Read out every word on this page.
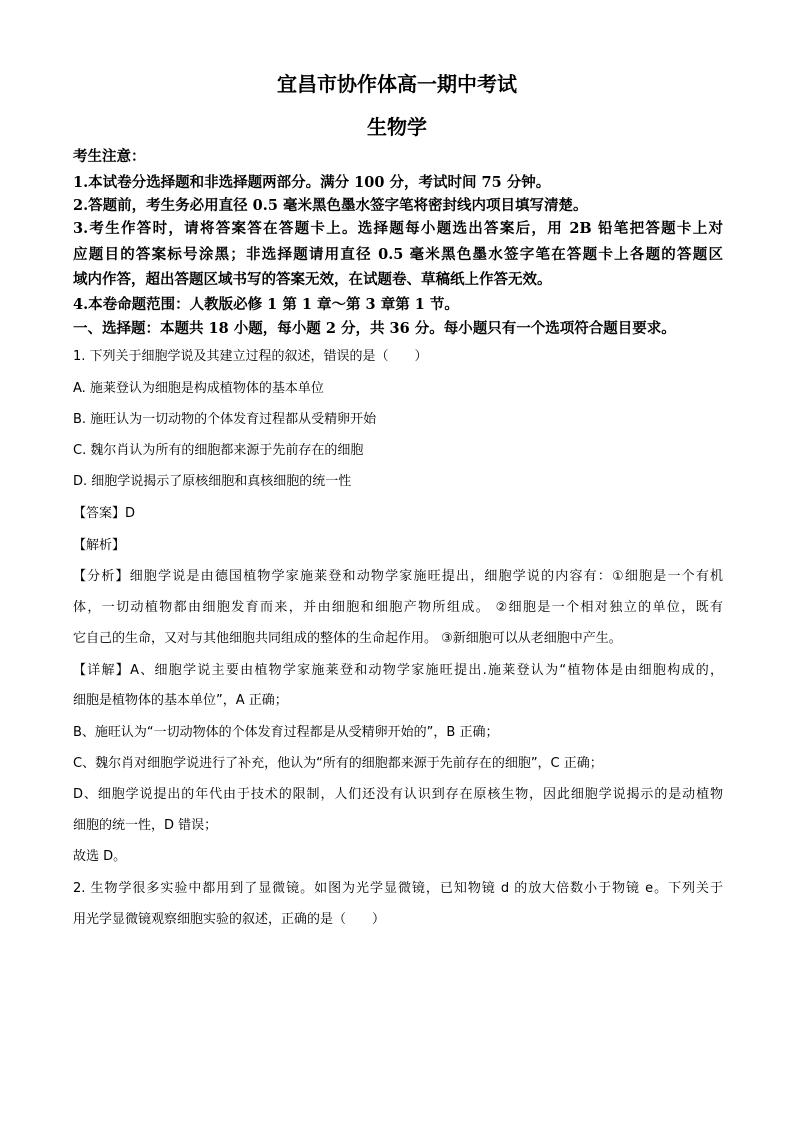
宜昌市协作体高一期中考试
生物学
考生注意：
1.本试卷分选择题和非选择题两部分。满分 100 分，考试时间 75 分钟。
2.答题前，考生务必用直径 0.5 毫米黑色墨水签字笔将密封线内项目填写清楚。
3.考生作答时，请将答案答在答题卡上。选择题每小题选出答案后，用 2B 铅笔把答题卡上对
应题目的答案标号涂黑；非选择题请用直径 0.5 毫米黑色墨水签字笔在答题卡上各题的答题区
域内作答，超出答题区域书写的答案无效，在试题卷、草稿纸上作答无效。
4.本卷命题范围：人教版必修 1 第 1 章～第 3 章第 1 节。
一、选择题：本题共 18 小题，每小题 2 分，共 36 分。每小题只有一个选项符合题目要求。
1. 下列关于细胞学说及其建立过程的叙述，错误的是（　　）
A. 施莱登认为细胞是构成植物体的基本单位
B. 施旺认为一切动物的个体发育过程都从受精卵开始
C. 魏尔肖认为所有的细胞都来源于先前存在的细胞
D. 细胞学说揭示了原核细胞和真核细胞的统一性
【答案】D
【解析】
【分析】细胞学说是由德国植物学家施莱登和动物学家施旺提出，细胞学说的内容有：①细胞是一个有机
体，一切动植物都由细胞发育而来，并由细胞和细胞产物所组成。 ②细胞是一个相对独立的单位，既有
它自己的生命，又对与其他细胞共同组成的整体的生命起作用。 ③新细胞可以从老细胞中产生。
【详解】A、细胞学说主要由植物学家施莱登和动物学家施旺提出.施莱登认为“植物体是由细胞构成的，
细胞是植物体的基本单位”，A 正确；
B、施旺认为“一切动物体的个体发育过程都是从受精卵开始的”，B 正确；
C、魏尔肖对细胞学说进行了补充，他认为“所有的细胞都来源于先前存在的细胞”，C 正确；
D、细胞学说提出的年代由于技术的限制，人们还没有认识到存在原核生物，因此细胞学说揭示的是动植物
细胞的统一性，D 错误；
故选 D。
2. 生物学很多实验中都用到了显微镜。如图为光学显微镜，已知物镜 d 的放大倍数小于物镜 e。下列关于
用光学显微镜观察细胞实验的叙述，正确的是（　　）
